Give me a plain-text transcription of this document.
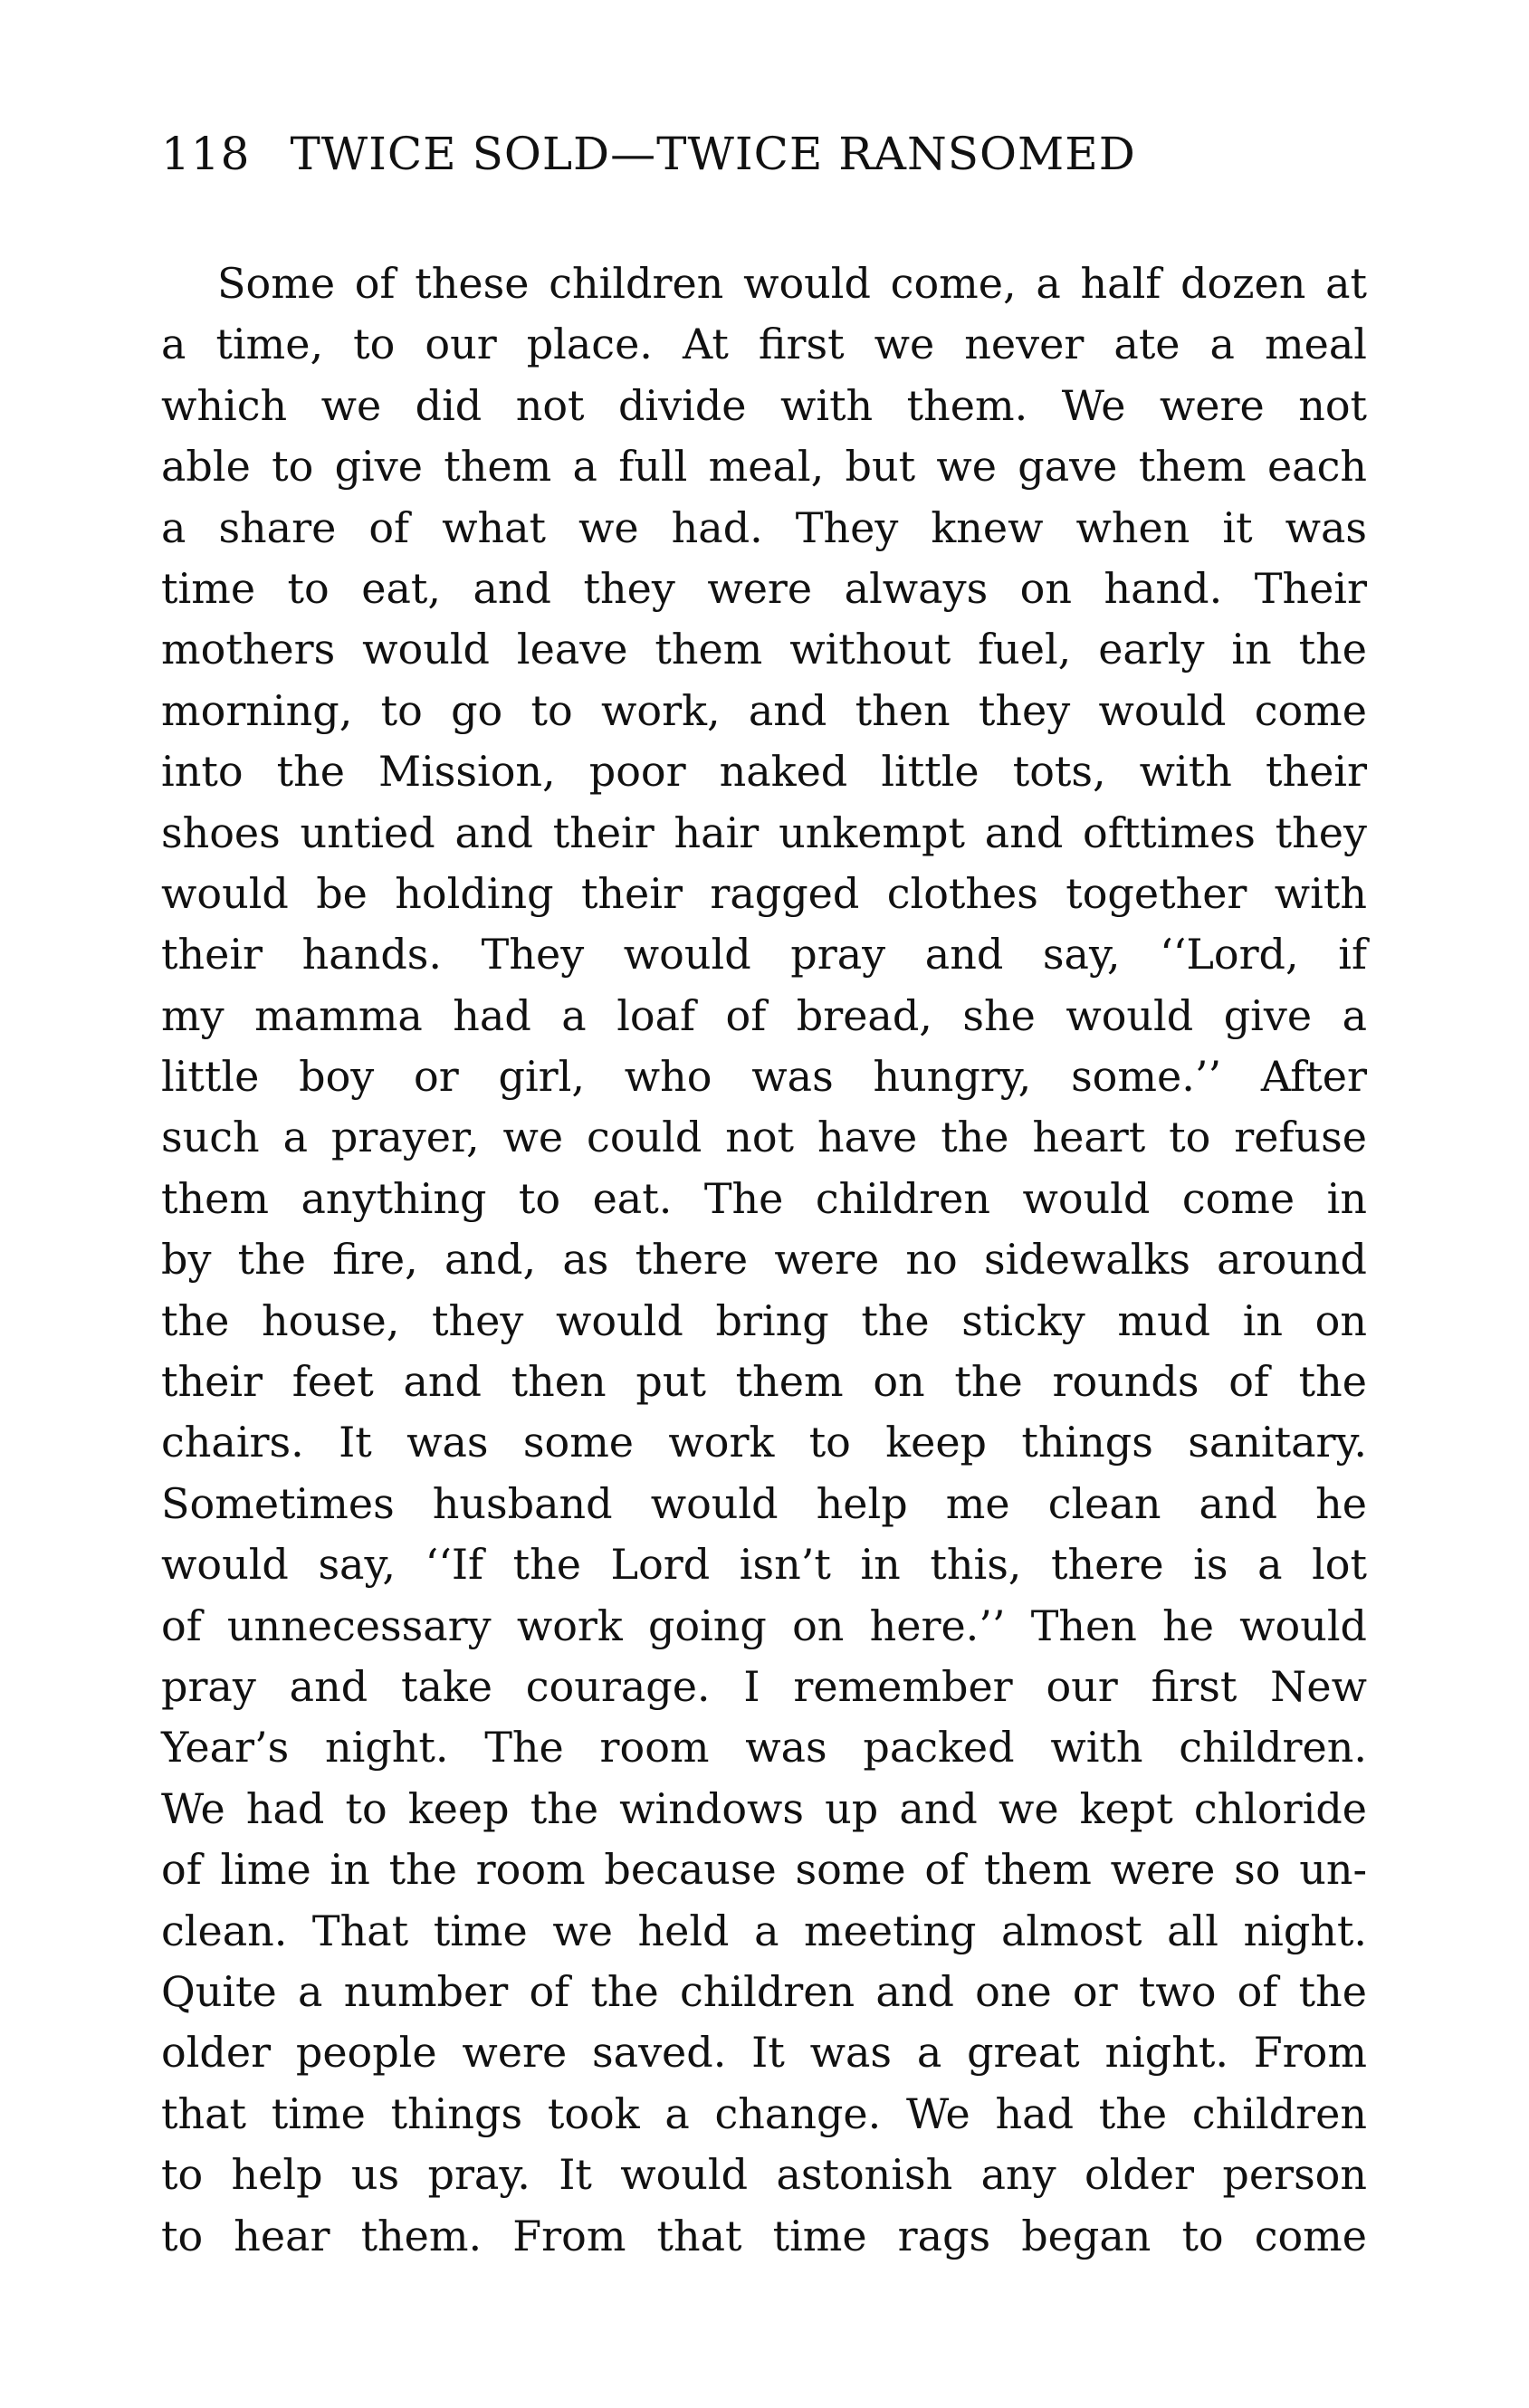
118 TWICE SOLD—TWICE RANSOMED
Some of these children would come, a half dozen at
a time, to our place. At first we never ate a meal
which we did not divide with them. We were not
able to give them a full meal, but we gave them each
a share of what we had. They knew when it was
time to eat, and they were always on hand. Their
mothers would leave them without fuel, early in the
morning, to go to work, and then they would come
into the Mission, poor naked little tots, with their
shoes untied and their hair unkempt and ofttimes they
would be holding their ragged clothes together with
their hands. They would pray and say, ‘‘Lord, if
my mamma had a loaf of bread, she would give a
little boy or girl, who was hungry, some.’’ After
such a prayer, we could not have the heart to refuse
them anything to eat. The children would come in
by the fire, and, as there were no sidewalks around
the house, they would bring the sticky mud in on
their feet and then put them on the rounds of the
chairs. It was some work to keep things sanitary.
Sometimes husband would help me clean and he
would say, ‘‘If the Lord isn’t in this, there is a lot
of unnecessary work going on here.’’ Then he would
pray and take courage. I remember our first New
Year’s night. The room was packed with children.
We had to keep the windows up and we kept chloride
of lime in the room because some of them were so un-
clean. That time we held a meeting almost all night.
Quite a number of the children and one or two of the
older people were saved. It was a great night. From
that time things took a change. We had the children
to help us pray. It would astonish any older person
to hear them. From that time rags began to come
